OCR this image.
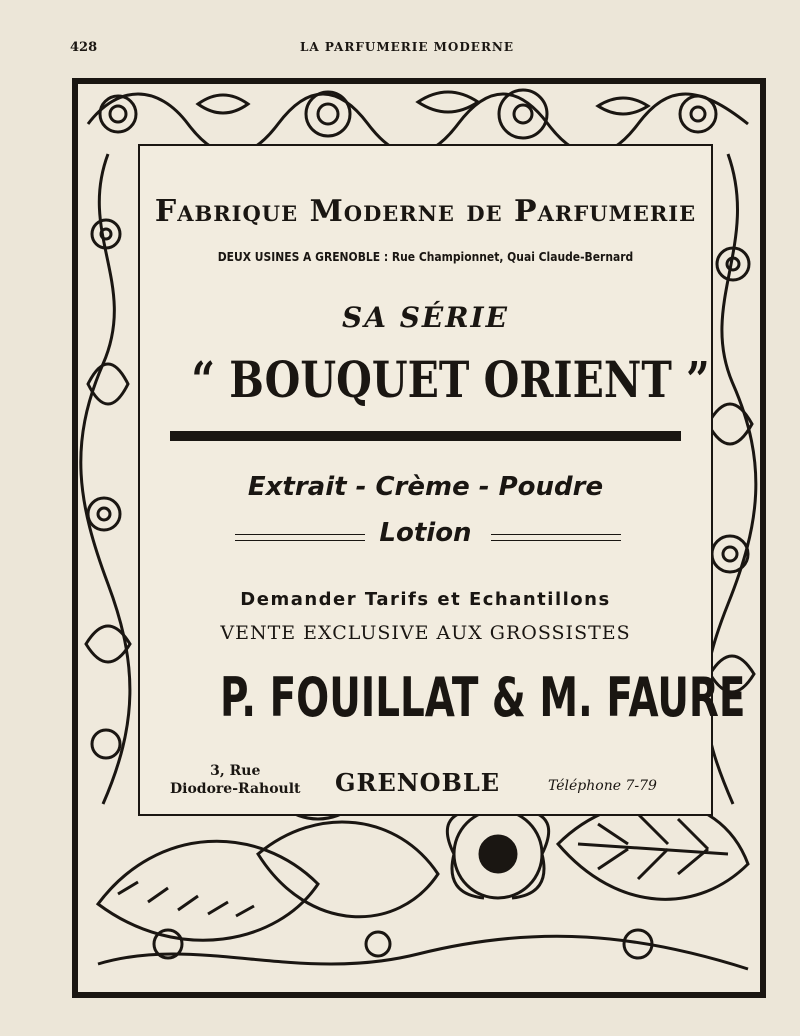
428	LA PARFUMERIE MODERNE
Fabrique Moderne de Parfumerie
DEUX USINES A GRENOBLE : Rue Championnet, Quai Claude-Bernard
SA SÉRIE
“ BOUQUET ORIENT ”
Extrait - Crème - Poudre
Lotion
Demander Tarifs et Echantillons
VENTE EXCLUSIVE AUX GROSSISTES
P. FOUILLAT & M. FAURE
3, Rue
Diodore-Rahoult GRENOBLE	Téléphone 7-79
